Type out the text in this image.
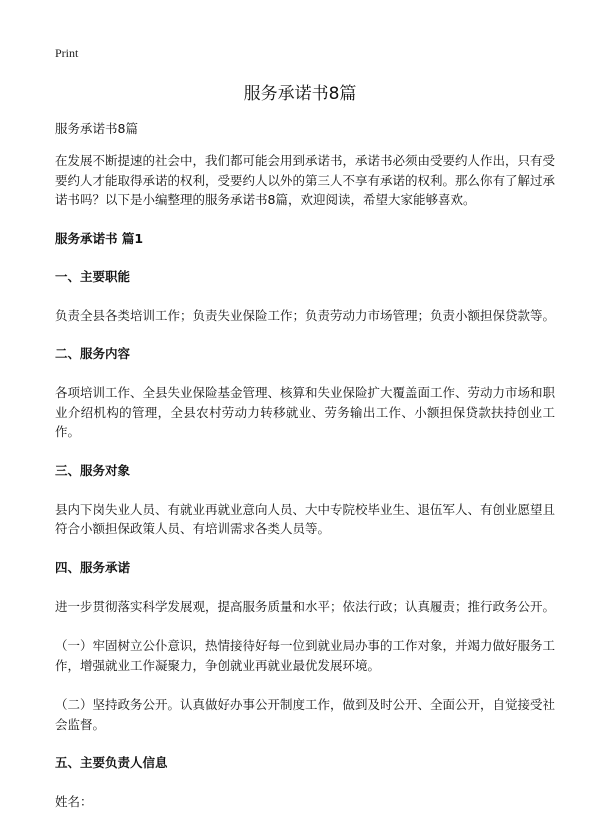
Print
服务承诺书8篇

服务承诺书8篇

在发展不断提速的社会中，我们都可能会用到承诺书，承诺书必须由受要约人作出，只有受要约人才能取得承诺的权利，受要约人以外的第三人不享有承诺的权利。那么你有了解过承诺书吗？以下是小编整理的服务承诺书8篇，欢迎阅读，希望大家能够喜欢。

服务承诺书 篇1

一、主要职能

负责全县各类培训工作；负责失业保险工作；负责劳动力市场管理；负责小额担保贷款等。

二、服务内容

各项培训工作、全县失业保险基金管理、核算和失业保险扩大覆盖面工作、劳动力市场和职业介绍机构的管理，全县农村劳动力转移就业、劳务输出工作、小额担保贷款扶持创业工作。

三、服务对象

县内下岗失业人员、有就业再就业意向人员、大中专院校毕业生、退伍军人、有创业愿望且符合小额担保政策人员、有培训需求各类人员等。

四、服务承诺

进一步贯彻落实科学发展观，提高服务质量和水平；依法行政；认真履责；推行政务公开。

（一）牢固树立公仆意识，热情接待好每一位到就业局办事的工作对象，并竭力做好服务工作，增强就业工作凝聚力，争创就业再就业最优发展环境。

（二）坚持政务公开。认真做好办事公开制度工作，做到及时公开、全面公开，自觉接受社会监督。

五、主要负责人信息

姓名：
